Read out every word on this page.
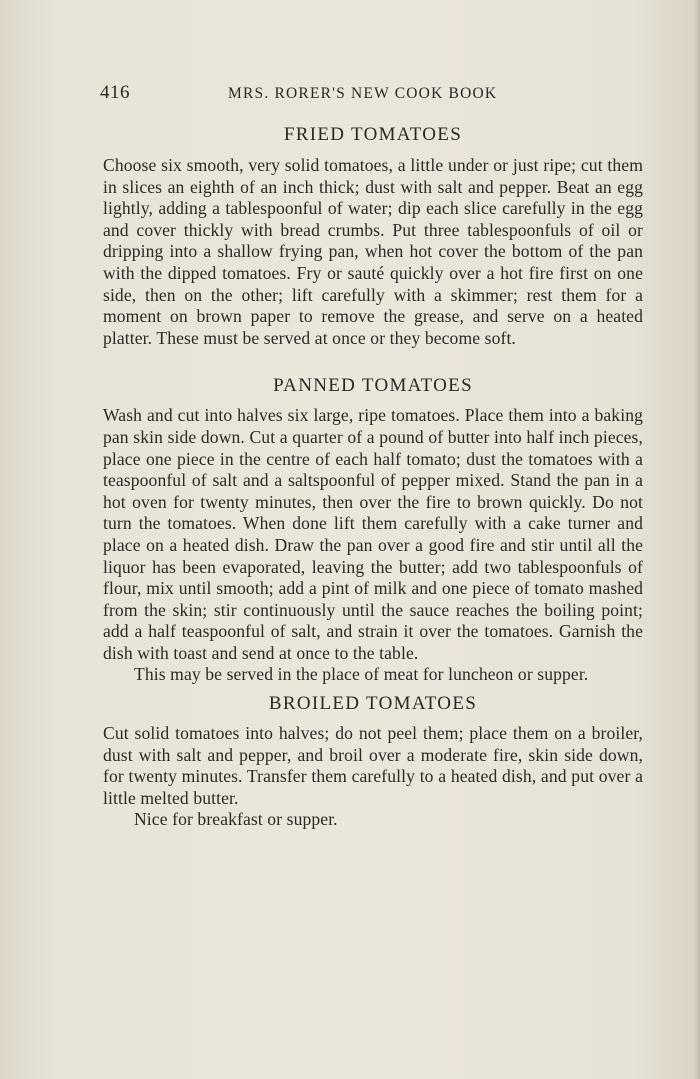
416	MRS. RORER'S NEW COOK BOOK
FRIED TOMATOES

Choose six smooth, very solid tomatoes, a little under or just ripe; cut them in slices an eighth of an inch thick; dust with salt and pepper. Beat an egg lightly, adding a tablespoonful of water; dip each slice carefully in the egg and cover thickly with bread crumbs. Put three tablespoonfuls of oil or dripping into a shallow frying pan, when hot cover the bottom of the pan with the dipped tomatoes. Fry or sauté quickly over a hot fire first on one side, then on the other; lift carefully with a skimmer; rest them for a moment on brown paper to remove the grease, and serve on a heated platter. These must be served at once or they become soft.

PANNED TOMATOES

Wash and cut into halves six large, ripe tomatoes. Place them into a baking pan skin side down. Cut a quarter of a pound of butter into half inch pieces, place one piece in the centre of each half tomato; dust the tomatoes with a teaspoonful of salt and a saltspoonful of pepper mixed. Stand the pan in a hot oven for twenty minutes, then over the fire to brown quickly. Do not turn the tomatoes. When done lift them carefully with a cake turner and place on a heated dish. Draw the pan over a good fire and stir until all the liquor has been evaporated, leaving the butter; add two tablespoonfuls of flour, mix until smooth; add a pint of milk and one piece of tomato mashed from the skin; stir continuously until the sauce reaches the boiling point; add a half teaspoonful of salt, and strain it over the tomatoes. Garnish the dish with toast and send at once to the table.

This may be served in the place of meat for luncheon or supper.

BROILED TOMATOES

Cut solid tomatoes into halves; do not peel them; place them on a broiler, dust with salt and pepper, and broil over a moderate fire, skin side down, for twenty minutes. Transfer them carefully to a heated dish, and put over a little melted butter.

Nice for breakfast or supper.
